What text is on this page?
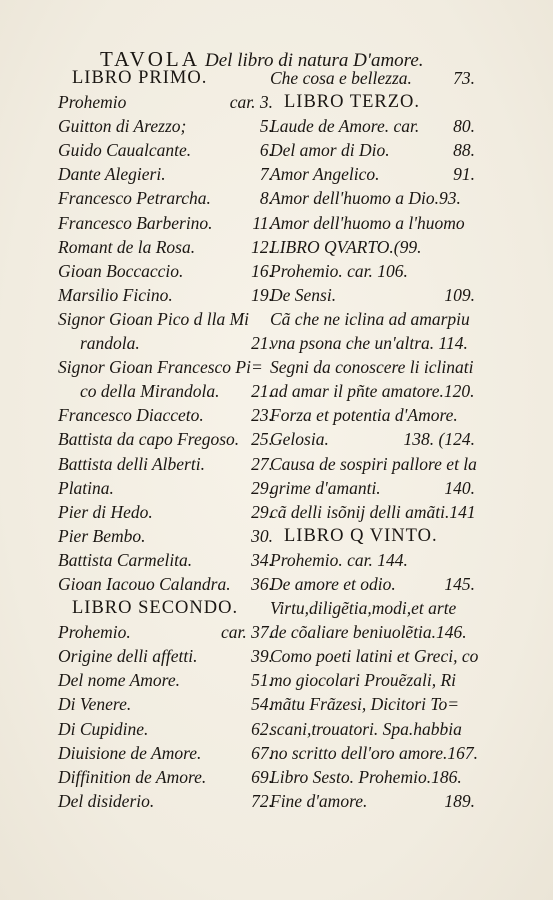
TAVOLA Del libro di natura D'amore.
LIBRO PRIMO.
Prohemio	car. 3.
Guitton di Arezzo;	5.
Guido Caualcante.	6.
Dante Alegieri.	7.
Francesco Petrarcha.	8.
Francesco Barberino. 11.
Romant de la Rosa.	12.
Gioan Boccaccio.	16.
Marsilio Ficino.	19.
Signor Gioan Pico d lla Mi
randola.	21.
Signor Gioan Francesco Pi=
co della Mirandola. 21.
Francesco Diacceto.	23.
Battista da capo Fregoso. 25.
Battista delli Alberti.	27.
Platina.	29.
Pier di Hedo.	29.
Pier Bembo.	30.
Battista Carmelita.	34.
Gioan Iacouo Calandra. 36.
LIBRO SECONDO.
Prohemio.	car. 37.
Origine delli affetti.	39.
Del nome Amore.	51.
Di Venere.	54.
Di Cupidine.	62.
Diuisione de Amore.	67.
Diffinition de Amore.	69.
Del disiderio.	72.
Che cosa e bellezza. 73.
LIBRO TERZO.
Laude de Amore. car. 80.
Del amor di Dio.	88.
Amor Angelico.	91.
Amor dell'huomo a Dio.93.
Amor dell'huomo a l'huomo
LIBRO QVARTO.(99.
Prohemio. car. 106.
De Sensi.	109.
Cã che ne iclina ad amarpiu
vna psona che un'altra. 114.
Segni da conoscere li iclinati
ad amar il pñte amatore.120.
Forza et potentia d'Amore.
Gelosia.	138. (124.
Causa de sospiri pallore et la
grime d'amanti.	140.
cã delli isõnij delli amãti.141
LIBRO Q VINTO.
Prohemio. car. 144.
De amore et odio.	145.
Virtu,diligẽtia,modi,et arte
de cõaliare beniuolẽtia.146.
Como poeti latini et Greci, co
mo giocolari Prouẽzali, Ri
mãtu Frãzesi, Dicitori To=
scani,trouatori. Spa.habbia
no scritto dell'oro amore.167.
Libro Sesto. Prohemio.186.
Fine d'amore.	189.
